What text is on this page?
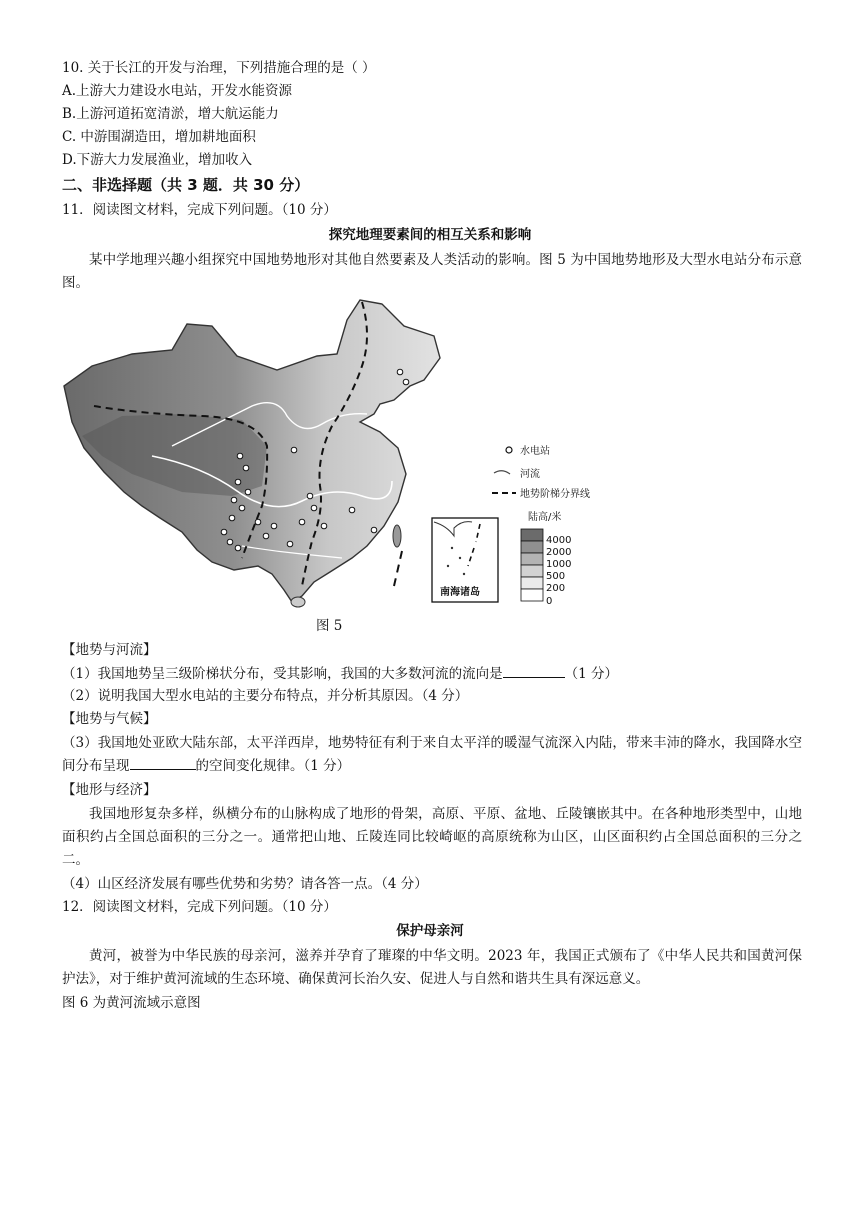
10. 关于长江的开发与治理，下列措施合理的是（ ）
A.上游大力建设水电站，开发水能资源
B.上游河道拓宽清淤，增大航运能力
C. 中游围湖造田，增加耕地面积
D.下游大力发展渔业，增加收入
二、非选择题（共 3 题．共 30 分）
11．阅读图文材料，完成下列问题。（10 分）
探究地理要素间的相互关系和影响
某中学地理兴趣小组探究中国地势地形对其他自然要素及人类活动的影响。图 5 为中国地势地形及大型水电站分布示意图。
水电站
河流
地势阶梯分界线
陆高/米
4000
2000
1000
500
200
0
南海诸岛
图 5
【地势与河流】
（1）我国地势呈三级阶梯状分布，受其影响，我国的大多数河流的流向是	（1 分）
（2）说明我国大型水电站的主要分布特点，并分析其原因。（4 分）
【地势与气候】
（3）我国地处亚欧大陆东部，太平洋西岸，地势特征有利于来自太平洋的暖湿气流深入内陆，带来丰沛的降水，我国降水空间分布呈现	的空间变化规律。（1 分）
【地形与经济】
我国地形复杂多样，纵横分布的山脉构成了地形的骨架，高原、平原、盆地、丘陵镶嵌其中。在各种地形类型中，山地面积约占全国总面积的三分之一。通常把山地、丘陵连同比较崎岖的高原统称为山区，山区面积约占全国总面积的三分之二。
（4）山区经济发展有哪些优势和劣势？请各答一点。（4 分）
12．阅读图文材料，完成下列问题。（10 分）
保护母亲河
黄河，被誉为中华民族的母亲河，滋养并孕育了璀璨的中华文明。2023 年，我国正式颁布了《中华人民共和国黄河保护法》，对于维护黄河流域的生态环境、确保黄河长治久安、促进人与自然和谐共生具有深远意义。
图 6 为黄河流域示意图
